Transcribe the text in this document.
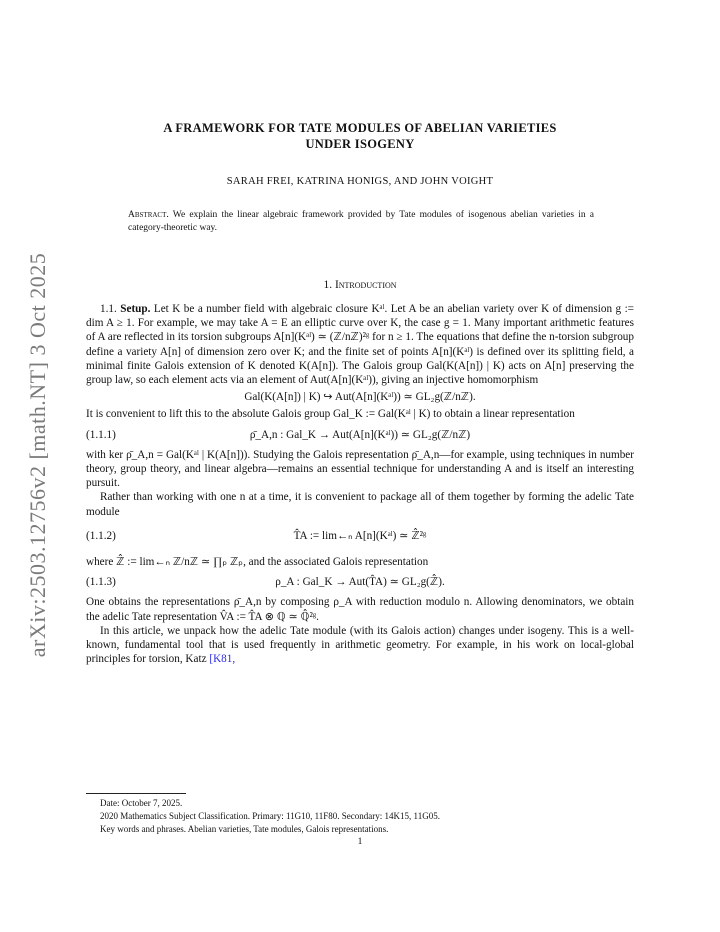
arXiv:2503.12756v2 [math.NT] 3 Oct 2025
A FRAMEWORK FOR TATE MODULES OF ABELIAN VARIETIES
UNDER ISOGENY
SARAH FREI, KATRINA HONIGS, AND JOHN VOIGHT
Abstract. We explain the linear algebraic framework provided by Tate modules of isogenous abelian varieties in a category-theoretic way.
1. Introduction

1.1. Setup. Let K be a number field with algebraic closure Kᵃˡ. Let A be an abelian variety over K of dimension g := dim A ≥ 1. For example, we may take A = E an elliptic curve over K, the case g = 1. Many important arithmetic features of A are reflected in its torsion subgroups A[n](Kᵃˡ) ≃ (ℤ/nℤ)²ᵍ for n ≥ 1. The equations that define the n-torsion subgroup define a variety A[n] of dimension zero over K; and the finite set of points A[n](Kᵃˡ) is defined over its splitting field, a minimal finite Galois extension of K denoted K(A[n]). The Galois group Gal(K(A[n]) | K) acts on A[n] preserving the group law, so each element acts via an element of Aut(A[n](Kᵃˡ)), giving an injective homomorphism

Gal(K(A[n]) | K) ↪ Aut(A[n](Kᵃˡ)) ≃ GL₂g(ℤ/nℤ).

It is convenient to lift this to the absolute Galois group Gal_K := Gal(Kᵃˡ | K) to obtain a linear representation

(1.1.1)	ρ̄_A,n : Gal_K → Aut(A[n](Kᵃˡ)) ≃ GL₂g(ℤ/nℤ)

with ker ρ̄_A,n = Gal(Kᵃˡ | K(A[n])). Studying the Galois representation ρ̄_A,n—for example, using techniques in number theory, group theory, and linear algebra—remains an essential technique for understanding A and is itself an interesting pursuit.

Rather than working with one n at a time, it is convenient to package all of them together by forming the adelic Tate module

(1.1.2)	T̂A := lim←ₙ A[n](Kᵃˡ) ≃ ℤ̂²ᵍ

where ℤ̂ := lim←ₙ ℤ/nℤ ≃ ∏ₚ ℤₚ, and the associated Galois representation

(1.1.3)	ρ_A : Gal_K → Aut(T̂A) ≃ GL₂g(ℤ̂).

One obtains the representations ρ̄_A,n by composing ρ_A with reduction modulo n. Allowing denominators, we obtain the adelic Tate representation V̂A := T̂A ⊗ ℚ ≃ ℚ̂²ᵍ.

In this article, we unpack how the adelic Tate module (with its Galois action) changes under isogeny. This is a well-known, fundamental tool that is used frequently in arithmetic geometry. For example, in his work on local-global principles for torsion, Katz [K81,

Date: October 7, 2025.
2020 Mathematics Subject Classification. Primary: 11G10, 11F80. Secondary: 14K15, 11G05.
Key words and phrases. Abelian varieties, Tate modules, Galois representations.
1
